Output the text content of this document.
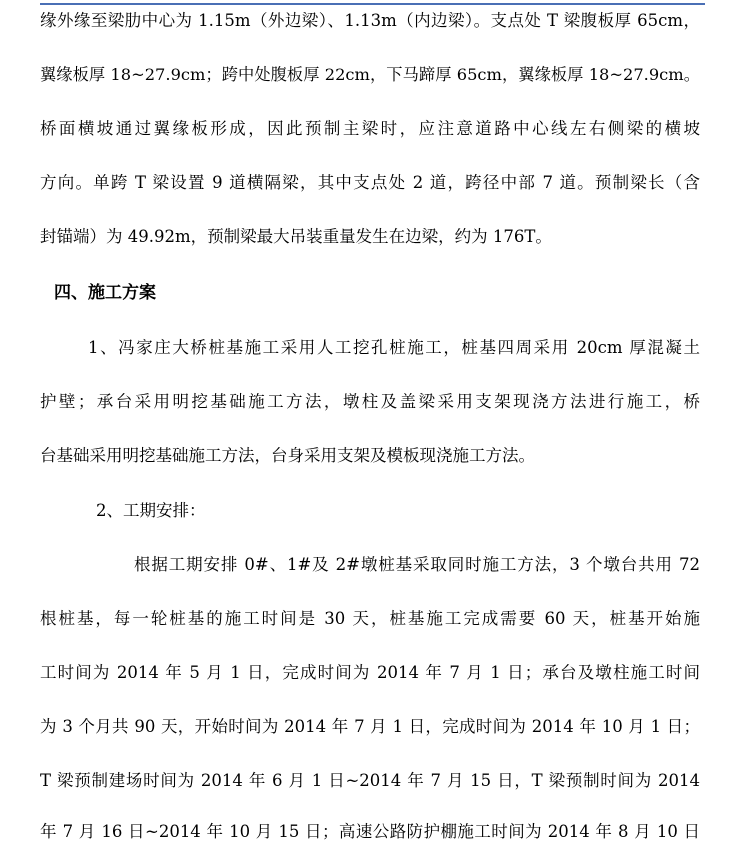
缘外缘至梁肋中心为 1.15m（外边梁）、1.13m（内边梁）。支点处 T 梁腹板厚 65cm，
翼缘板厚 18~27.9cm；跨中处腹板厚 22cm，下马蹄厚 65cm，翼缘板厚 18~27.9cm。
桥面横坡通过翼缘板形成，因此预制主梁时，应注意道路中心线左右侧梁的横坡
方向。单跨 T 梁设置 9 道横隔梁，其中支点处 2 道，跨径中部 7 道。预制梁长（含
封锚端）为 49.92m，预制梁最大吊装重量发生在边梁，约为 176T。
四、施工方案
1、冯家庄大桥桩基施工采用人工挖孔桩施工，桩基四周采用 20cm 厚混凝土
护壁；承台采用明挖基础施工方法，墩柱及盖梁采用支架现浇方法进行施工，桥
台基础采用明挖基础施工方法，台身采用支架及模板现浇施工方法。
2、工期安排：
根据工期安排 0#、1#及 2#墩桩基采取同时施工方法，3 个墩台共用 72
根桩基，每一轮桩基的施工时间是 30 天，桩基施工完成需要 60 天，桩基开始施
工时间为 2014 年 5 月 1 日，完成时间为 2014 年 7 月 1 日；承台及墩柱施工时间
为 3 个月共 90 天，开始时间为 2014 年 7 月 1 日，完成时间为 2014 年 10 月 1 日；
T 梁预制建场时间为 2014 年 6 月 1 日~2014 年 7 月 15 日，T 梁预制时间为 2014
年 7 月 16 日~2014 年 10 月 15 日；高速公路防护棚施工时间为 2014 年 8 月 10 日
